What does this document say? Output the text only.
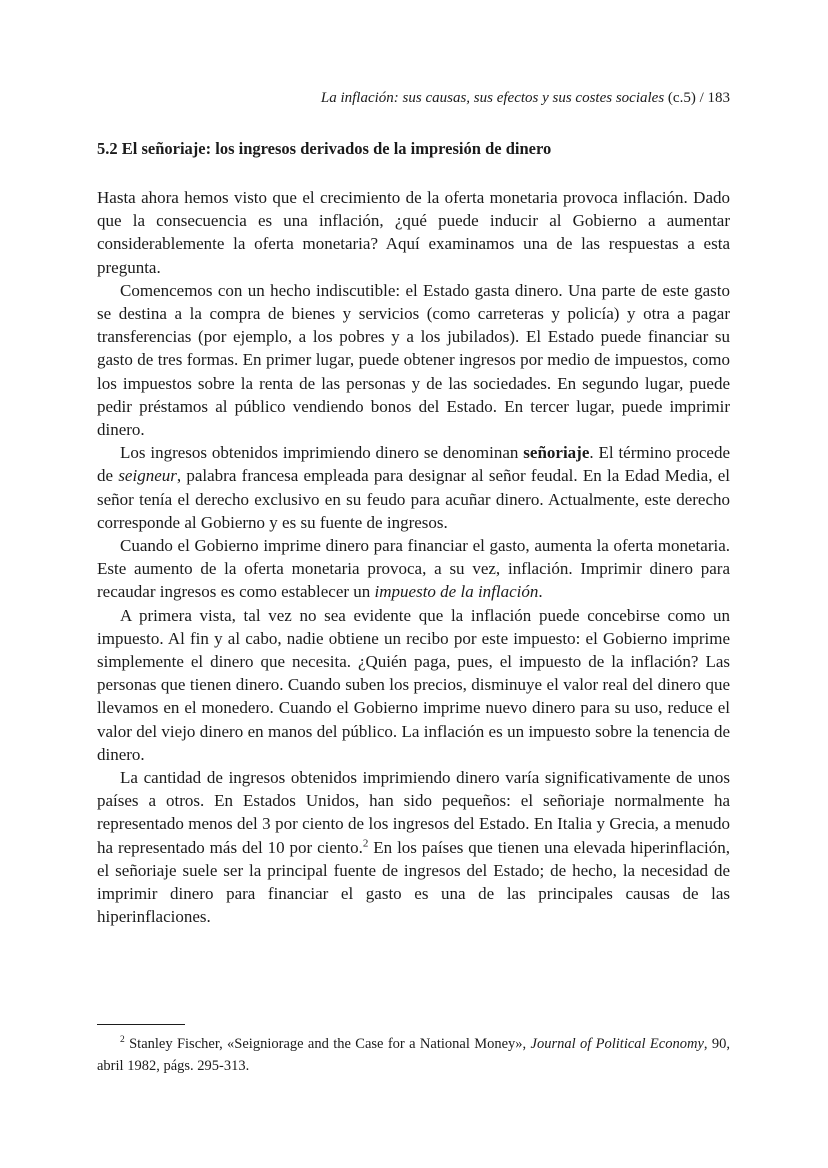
La inflación: sus causas, sus efectos y sus costes sociales (c.5) / 183
5.2 El señoriaje: los ingresos derivados de la impresión de dinero

Hasta ahora hemos visto que el crecimiento de la oferta monetaria provoca inflación. Dado que la consecuencia es una inflación, ¿qué puede inducir al Gobierno a aumentar considerablemente la oferta monetaria? Aquí examinamos una de las respuestas a esta pregunta.

Comencemos con un hecho indiscutible: el Estado gasta dinero. Una parte de este gasto se destina a la compra de bienes y servicios (como carreteras y policía) y otra a pagar transferencias (por ejemplo, a los pobres y a los jubilados). El Estado puede financiar su gasto de tres formas. En primer lugar, puede obtener ingresos por medio de impuestos, como los impuestos sobre la renta de las personas y de las sociedades. En segundo lugar, puede pedir préstamos al público vendiendo bonos del Estado. En tercer lugar, puede imprimir dinero.

Los ingresos obtenidos imprimiendo dinero se denominan señoriaje. El término procede de seigneur, palabra francesa empleada para designar al señor feudal. En la Edad Media, el señor tenía el derecho exclusivo en su feudo para acuñar dinero. Actualmente, este derecho corresponde al Gobierno y es su fuente de ingresos.

Cuando el Gobierno imprime dinero para financiar el gasto, aumenta la oferta monetaria. Este aumento de la oferta monetaria provoca, a su vez, inflación. Imprimir dinero para recaudar ingresos es como establecer un impuesto de la inflación.

A primera vista, tal vez no sea evidente que la inflación puede concebirse como un impuesto. Al fin y al cabo, nadie obtiene un recibo por este impuesto: el Gobierno imprime simplemente el dinero que necesita. ¿Quién paga, pues, el impuesto de la inflación? Las personas que tienen dinero. Cuando suben los precios, disminuye el valor real del dinero que llevamos en el monedero. Cuando el Gobierno imprime nuevo dinero para su uso, reduce el valor del viejo dinero en manos del público. La inflación es un impuesto sobre la tenencia de dinero.

La cantidad de ingresos obtenidos imprimiendo dinero varía significativamente de unos países a otros. En Estados Unidos, han sido pequeños: el señoriaje normalmente ha representado menos del 3 por ciento de los ingresos del Estado. En Italia y Grecia, a menudo ha representado más del 10 por ciento.$^2$ En los países que tienen una elevada hiperinflación, el señoriaje suele ser la principal fuente de ingresos del Estado; de hecho, la necesidad de imprimir dinero para financiar el gasto es una de las principales causas de las hiperinflaciones.

$^2$ Stanley Fischer, «Seigniorage and the Case for a National Money», Journal of Political Economy, 90, abril 1982, págs. 295-313.
